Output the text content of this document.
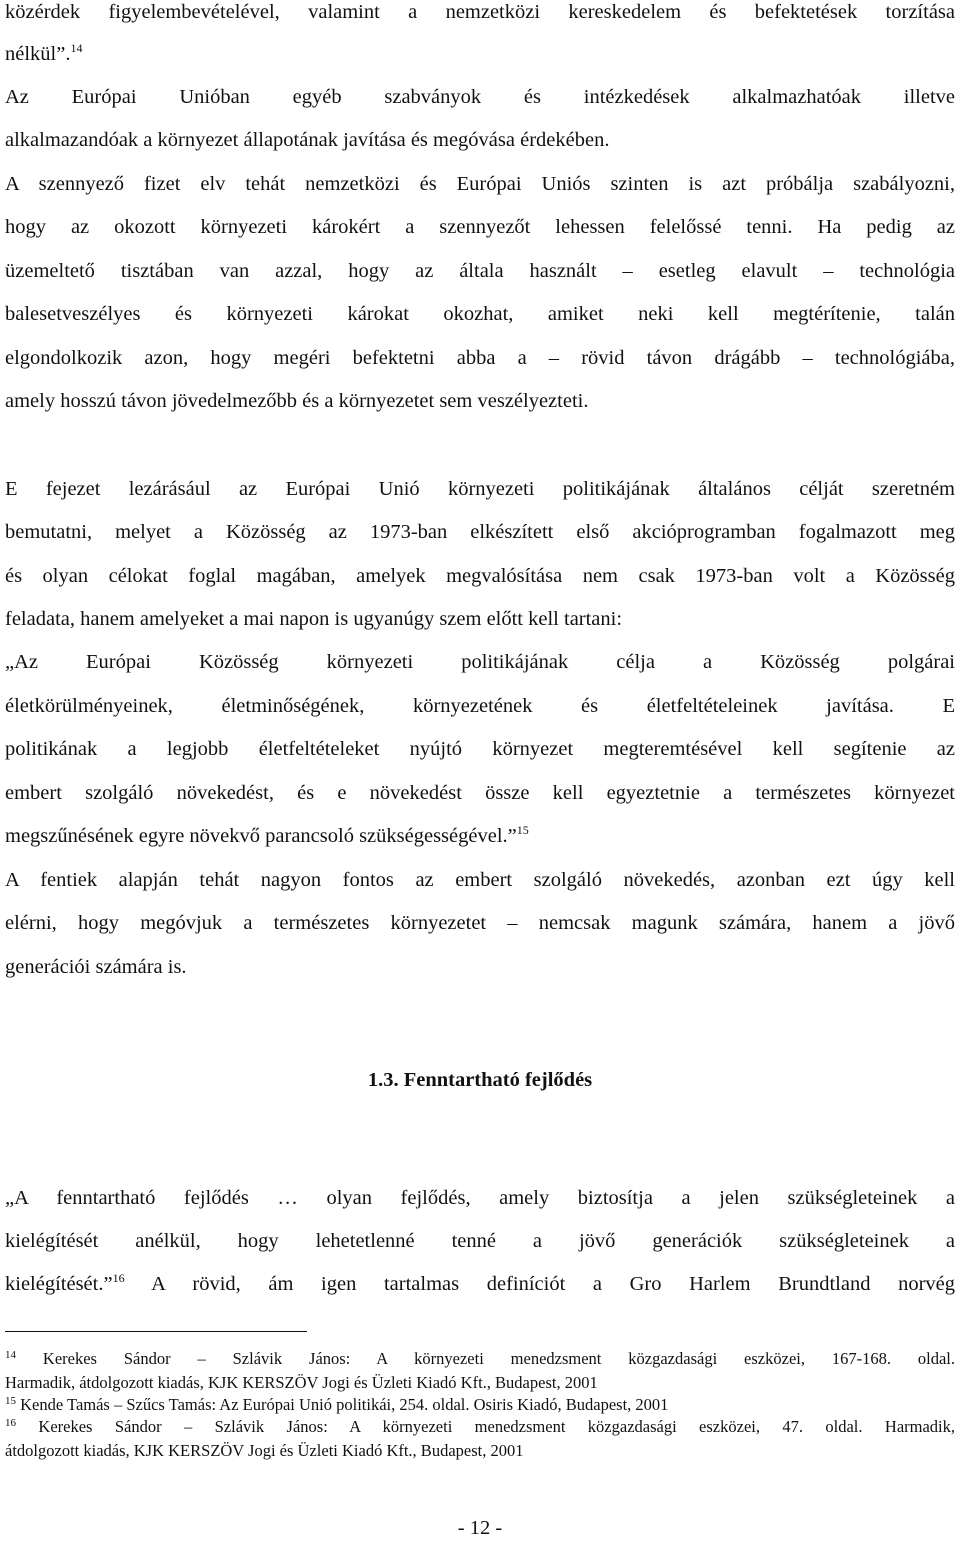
közérdek figyelembevételével, valamint a nemzetközi kereskedelem és befektetések torzítása

nélkül”.$^{14}$

Az Európai Unióban egyéb szabványok és intézkedések alkalmazhatóak illetve

alkalmazandóak a környezet állapotának javítása és megóvása érdekében.

A szennyező fizet elv tehát nemzetközi és Európai Uniós szinten is azt próbálja szabályozni,

hogy az okozott környezeti károkért a szennyezőt lehessen felelőssé tenni. Ha pedig az

üzemeltető tisztában van azzal, hogy az általa használt – esetleg elavult – technológia

balesetveszélyes és környezeti károkat okozhat, amiket neki kell megtérítenie, talán

elgondolkozik azon, hogy megéri befektetni abba a – rövid távon drágább – technológiába,

amely hosszú távon jövedelmezőbb és a környezetet sem veszélyezteti.

E fejezet lezárásául az Európai Unió környezeti politikájának általános célját szeretném

bemutatni, melyet a Közösség az 1973-ban elkészített első akcióprogramban fogalmazott meg

és olyan célokat foglal magában, amelyek megvalósítása nem csak 1973-ban volt a Közösség

feladata, hanem amelyeket a mai napon is ugyanúgy szem előtt kell tartani:

„Az Európai Közösség környezeti politikájának célja a Közösség polgárai

életkörülményeinek, életminőségének, környezetének és életfeltételeinek javítása. E

politikának a legjobb életfeltételeket nyújtó környezet megteremtésével kell segítenie az

embert szolgáló növekedést, és e növekedést össze kell egyeztetnie a természetes környezet

megszűnésének egyre növekvő parancsoló szükségességével.”$^{15}$

A fentiek alapján tehát nagyon fontos az embert szolgáló növekedés, azonban ezt úgy kell

elérni, hogy megóvjuk a természetes környezetet – nemcsak magunk számára, hanem a jövő

generációi számára is.

1.3. Fenntartható fejlődés

„A fenntartható fejlődés … olyan fejlődés, amely biztosítja a jelen szükségleteinek a

kielégítését anélkül, hogy lehetetlenné tenné a jövő generációk szükségleteinek a

kielégítését.”$^{16}$ A rövid, ám igen tartalmas definíciót a Gro Harlem Brundtland norvég

$^{14}$ Kerekes Sándor – Szlávik János: A környezeti menedzsment közgazdasági eszközei, 167-168. oldal.

Harmadik, átdolgozott kiadás, KJK KERSZÖV Jogi és Üzleti Kiadó Kft., Budapest, 2001

$^{15}$ Kende Tamás – Szűcs Tamás: Az Európai Unió politikái, 254. oldal. Osiris Kiadó, Budapest, 2001

$^{16}$ Kerekes Sándor – Szlávik János: A környezeti menedzsment közgazdasági eszközei, 47. oldal. Harmadik,

átdolgozott kiadás, KJK KERSZÖV Jogi és Üzleti Kiadó Kft., Budapest, 2001

- 12 -
